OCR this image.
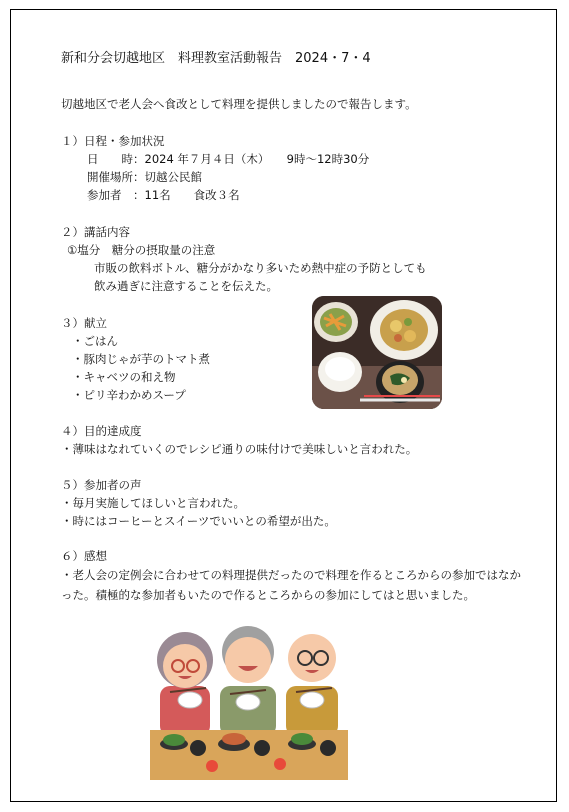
新和分会切越地区　料理教室活動報告　2024・7・4
切越地区で老人会へ食改として料理を提供しましたので報告します。
１）日程・参加状況
日　　時：2024 年７月４日（木）　　9時～12時30分
開催場所：切越公民館
参加者　：11名　　食改３名
２）講話内容
①塩分　糖分の摂取量の注意
市販の飲料ボトル、糖分がかなり多いため熱中症の予防としても
飲み過ぎに注意することを伝えた。
３）献立
・ごはん
・豚肉じゃが芋のトマト煮
・キャベツの和え物
・ピリ辛わかめスープ
４）目的達成度
・薄味はなれていくのでレシピ通りの味付けで美味しいと言われた。
５）参加者の声
・毎月実施してほしいと言われた。
・時にはコーヒーとスイーツでいいとの希望が出た。
６）感想
・老人会の定例会に合わせての料理提供だったので料理を作るところからの参加ではなかった。積極的な参加者もいたので作るところからの参加にしてはと思いました。
